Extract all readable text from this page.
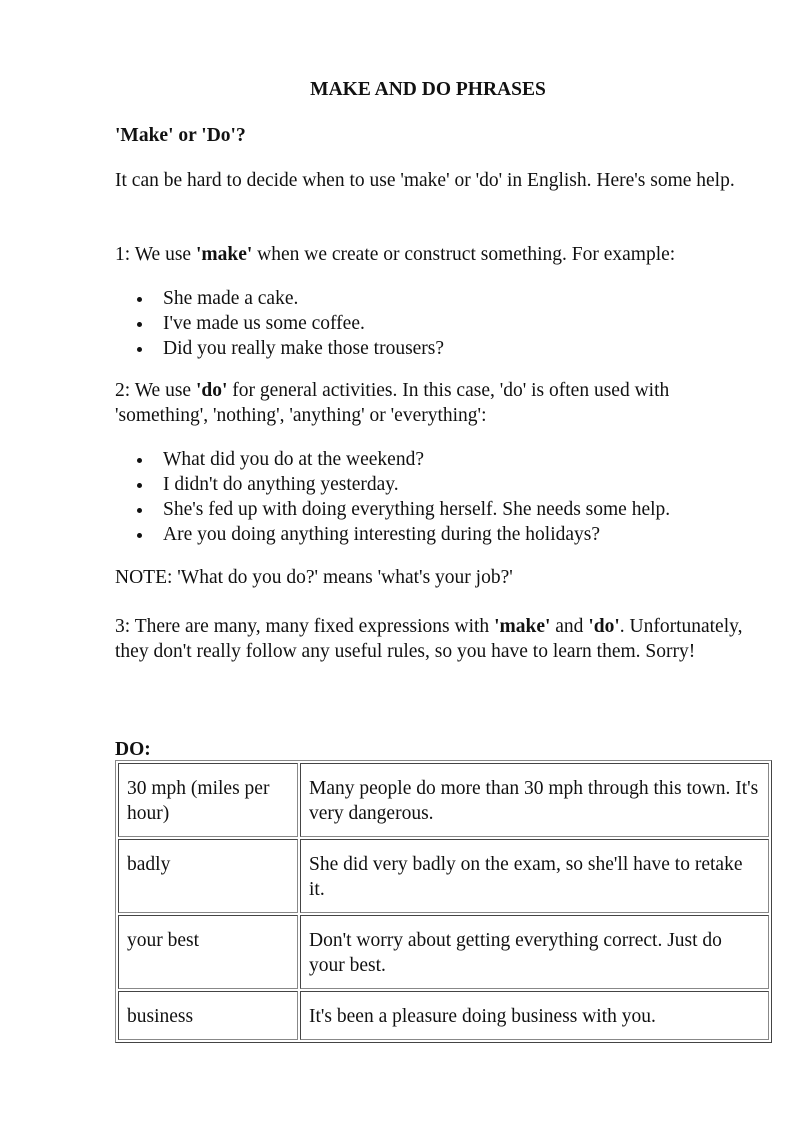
MAKE AND DO PHRASES
'Make' or 'Do'?

It can be hard to decide when to use 'make' or 'do' in English. Here's some help.

1: We use 'make' when we create or construct something. For example:

She made a cake.
I've made us some coffee.
Did you really make those trousers?

2: We use 'do' for general activities. In this case, 'do' is often used with 'something', 'nothing', 'anything' or 'everything':

What did you do at the weekend?
I didn't do anything yesterday.
She's fed up with doing everything herself. She needs some help.
Are you doing anything interesting during the holidays?

NOTE: 'What do you do?' means 'what's your job?'

3: There are many, many fixed expressions with 'make' and 'do'. Unfortunately, they don't really follow any useful rules, so you have to learn them. Sorry!

DO:
30 mph (miles per hour)	Many people do more than 30 mph through this town. It's very dangerous.
badly	She did very badly on the exam, so she'll have to retake it.
your best	Don't worry about getting everything correct. Just do your best.
business	It's been a pleasure doing business with you.
